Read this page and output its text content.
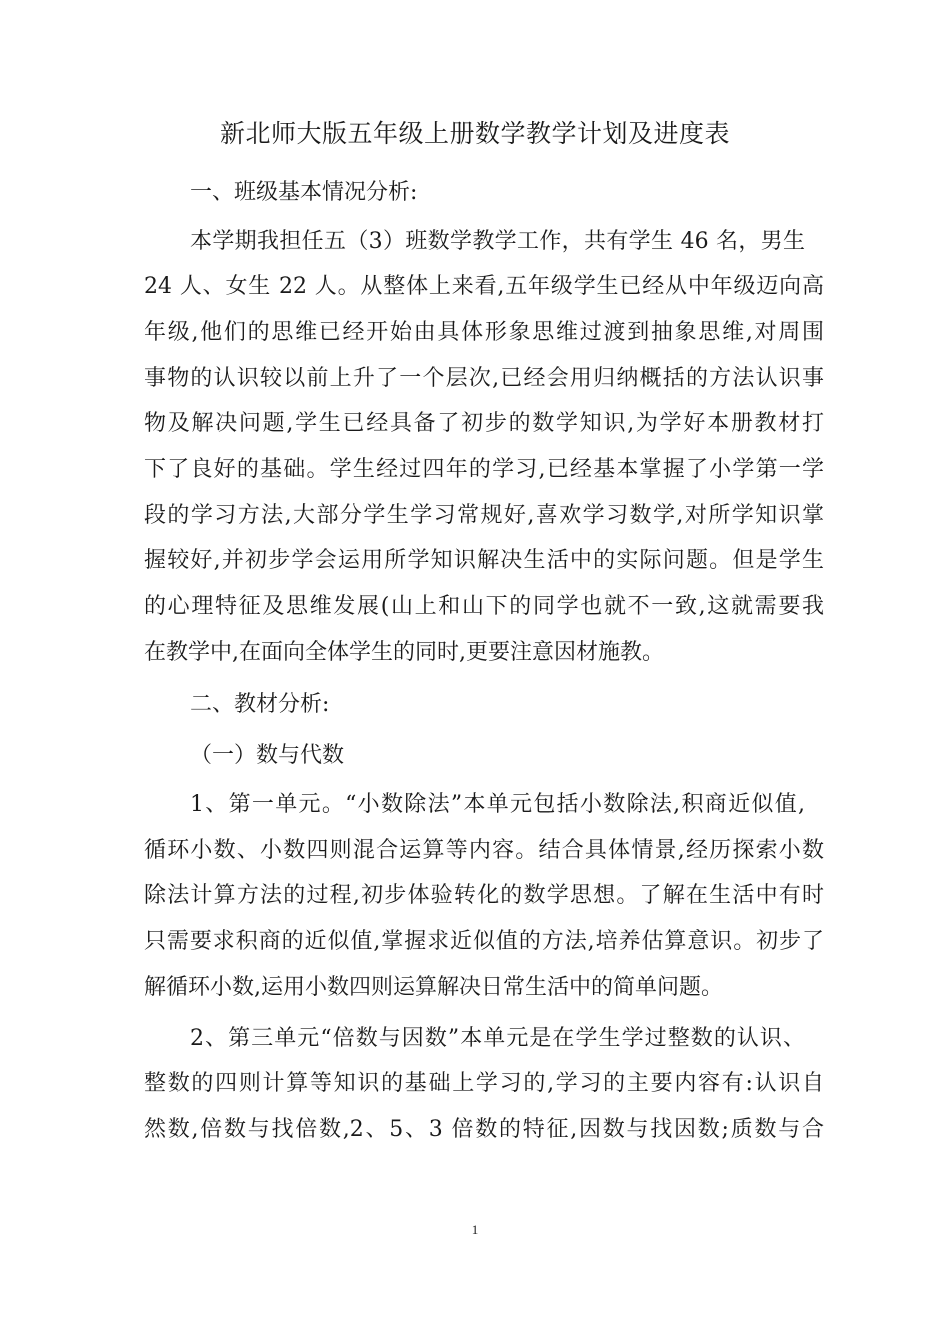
新北师大版五年级上册数学教学计划及进度表
一、班级基本情况分析:
本学期我担任五（3）班数学教学工作，共有学生 46 名，男生
24 人、女生 22 人。从整体上来看,五年级学生已经从中年级迈向高
年级,他们的思维已经开始由具体形象思维过渡到抽象思维,对周围
事物的认识较以前上升了一个层次,已经会用归纳概括的方法认识事
物及解决问题,学生已经具备了初步的数学知识,为学好本册教材打
下了良好的基础。学生经过四年的学习,已经基本掌握了小学第一学
段的学习方法,大部分学生学习常规好,喜欢学习数学,对所学知识掌
握较好,并初步学会运用所学知识解决生活中的实际问题。但是学生
的心理特征及思维发展(山上和山下的同学也就不一致,这就需要我
在教学中,在面向全体学生的同时,更要注意因材施教。
二、教材分析:
（一）数与代数
1、第一单元。“小数除法”本单元包括小数除法,积商近似值,
循环小数、小数四则混合运算等内容。结合具体情景,经历探索小数
除法计算方法的过程,初步体验转化的数学思想。了解在生活中有时
只需要求积商的近似值,掌握求近似值的方法,培养估算意识。初步了
解循环小数,运用小数四则运算解决日常生活中的简单问题。
2、第三单元“倍数与因数”本单元是在学生学过整数的认识、
整数的四则计算等知识的基础上学习的,学习的主要内容有:认识自
然数,倍数与找倍数,2、5、3 倍数的特征,因数与找因数;质数与合
1
